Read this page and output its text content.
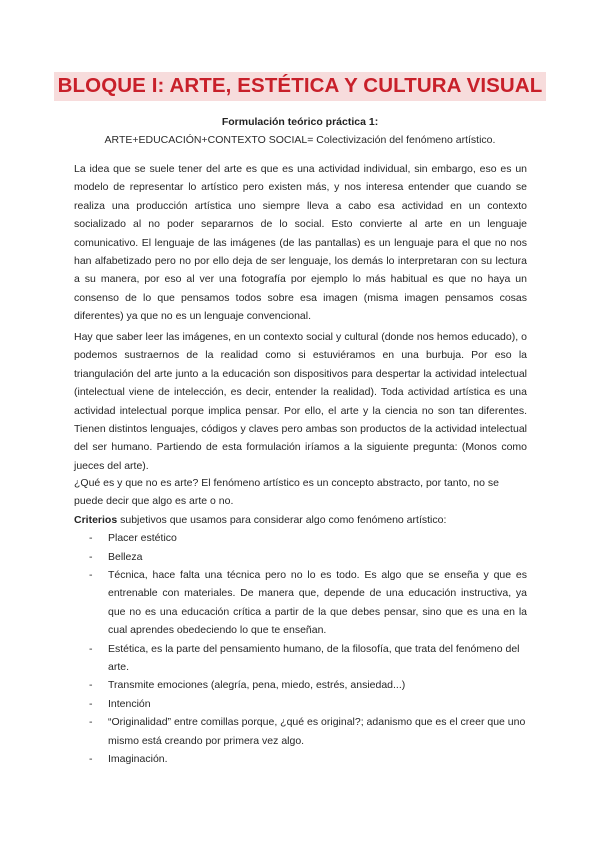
BLOQUE I: ARTE, ESTÉTICA Y CULTURA VISUAL
Formulación teórico práctica 1:
ARTE+EDUCACIÓN+CONTEXTO SOCIAL= Colectivización del fenómeno artístico.

La idea que se suele tener del arte es que es una actividad individual, sin embargo, eso es un modelo de representar lo artístico pero existen más, y nos interesa entender que cuando se realiza una producción artística uno siempre lleva a cabo esa actividad en un contexto socializado al no poder separarnos de lo social. Esto convierte al arte en un lenguaje comunicativo. El lenguaje de las imágenes (de las pantallas) es un lenguaje para el que no nos han alfabetizado pero no por ello deja de ser lenguaje, los demás lo interpretaran con su lectura a su manera, por eso al ver una fotografía por ejemplo lo más habitual es que no haya un consenso de lo que pensamos todos sobre esa imagen (misma imagen pensamos cosas diferentes) ya que no es un lenguaje convencional.

Hay que saber leer las imágenes, en un contexto social y cultural (donde nos hemos educado), o podemos sustraernos de la realidad como si estuviéramos en una burbuja. Por eso la triangulación del arte junto a la educación son dispositivos para despertar la actividad intelectual (intelectual viene de intelección, es decir, entender la realidad). Toda actividad artística es una actividad intelectual porque implica pensar. Por ello, el arte y la ciencia no son tan diferentes. Tienen distintos lenguajes, códigos y claves pero ambas son productos de la actividad intelectual del ser humano. Partiendo de esta formulación iríamos a la siguiente pregunta: (Monos como jueces del arte).

¿Qué es y que no es arte? El fenómeno artístico es un concepto abstracto, por tanto, no se puede decir que algo es arte o no.

Criterios subjetivos que usamos para considerar algo como fenómeno artístico:

- Placer estético
- Belleza
- Técnica, hace falta una técnica pero no lo es todo. Es algo que se enseña y que es entrenable con materiales. De manera que, depende de una educación instructiva, ya que no es una educación crítica a partir de la que debes pensar, sino que es una en la cual aprendes obedeciendo lo que te enseñan.
- Estética, es la parte del pensamiento humano, de la filosofía, que trata del fenómeno del arte.
- Transmite emociones (alegría, pena, miedo, estrés, ansiedad...)
- Intención
- “Originalidad” entre comillas porque, ¿qué es original?; adanismo que es el creer que uno mismo está creando por primera vez algo.
- Imaginación.
